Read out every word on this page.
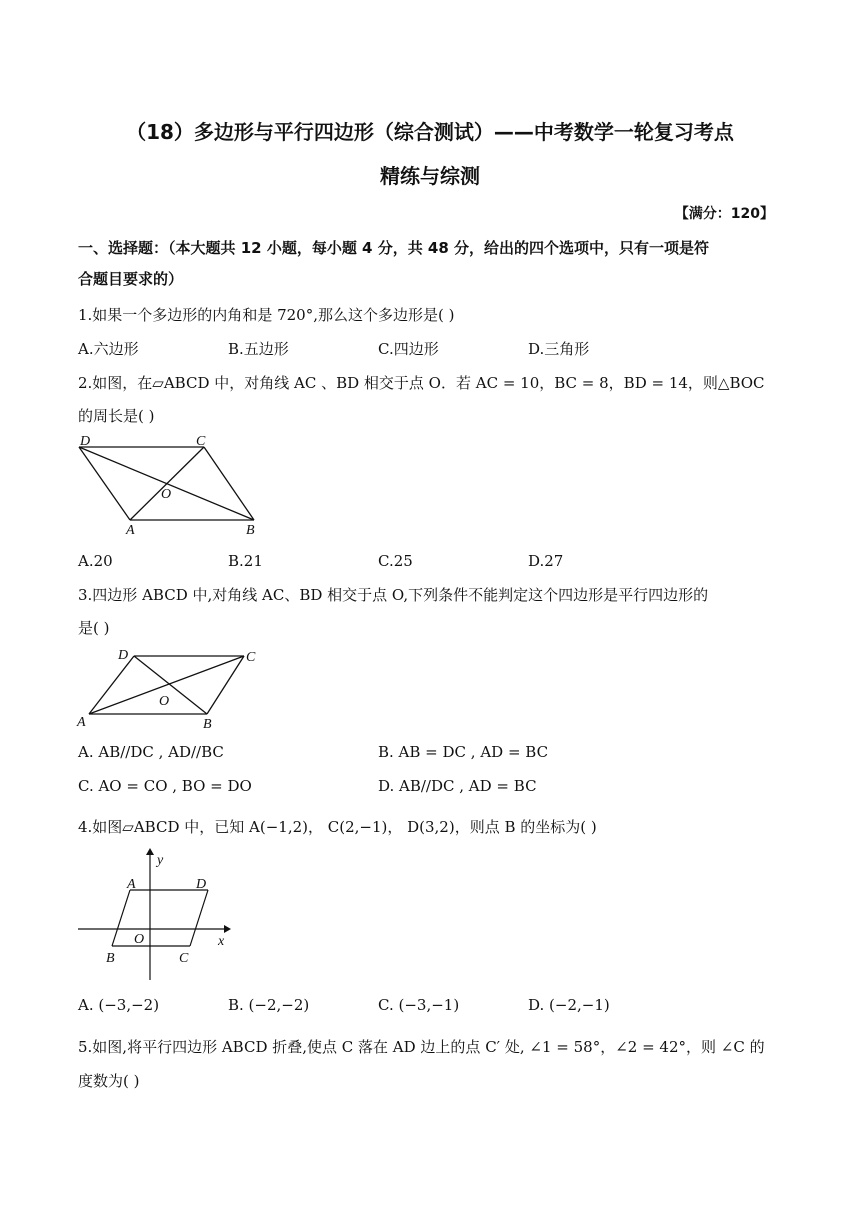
（18）多边形与平行四边形（综合测试）——中考数学一轮复习考点
精练与综测
【满分：120】
一、选择题：（本大题共 12 小题，每小题 4 分，共 48 分，给出的四个选项中，只有一项是符
合题目要求的）
1.如果一个多边形的内角和是 720°,那么这个多边形是( )
A.六边形	B.五边形	C.四边形	D.三角形
2.如图，在▱ABCD 中，对角线 AC 、BD 相交于点 O．若 AC = 10，BC = 8，BD = 14，则△BOC
的周长是( )
D	C
O
A	B
A.20	B.21	C.25	D.27
3.四边形 ABCD 中,对角线 AC、BD 相交于点 O,下列条件不能判定这个四边形是平行四边形的
是( )
D	C
O
A	B
A. AB//DC , AD//BC	B. AB = DC , AD = BC
C. AO = CO , BO = DO	D. AB//DC , AD = BC
4.如图▱ABCD 中，已知 A(−1,2)， C(2,−1)， D(3,2)，则点 B 的坐标为( )
y
A	D
O	x
B	C
A. (−3,−2)	B. (−2,−2)	C. (−3,−1)	D. (−2,−1)
5.如图,将平行四边形 ABCD 折叠,使点 C 落在 AD 边上的点 C′ 处, ∠1 = 58°，∠2 = 42°，则 ∠C 的
度数为( )
